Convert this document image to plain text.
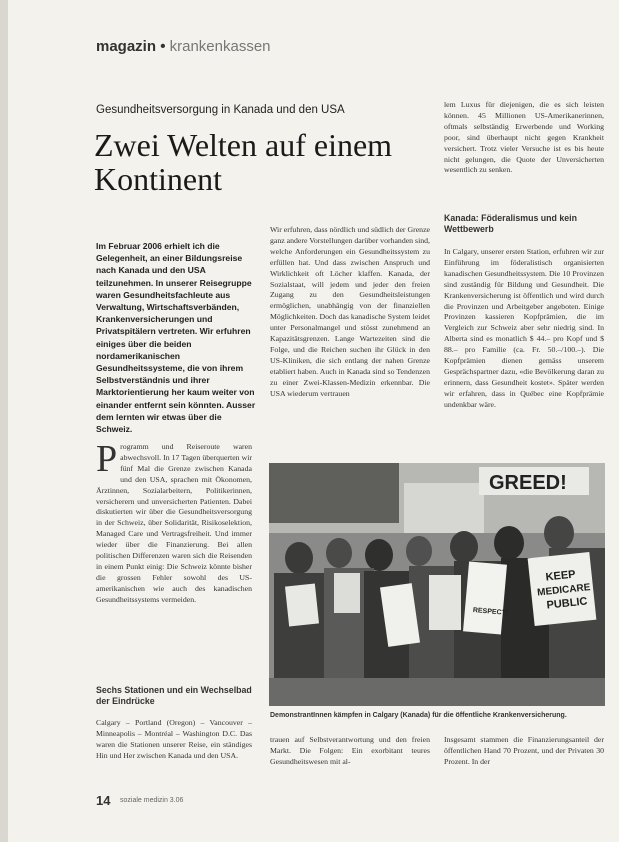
magazin • krankenkassen
Gesundheitsversorgung in Kanada und den USA
Zwei Welten auf einem Kontinent
Im Februar 2006 erhielt ich die Gelegenheit, an einer Bildungsreise nach Kanada und den USA teilzunehmen. In unserer Reisegruppe waren Gesundheitsfachleute aus Verwaltung, Wirtschaftsverbänden, Krankenversicherungen und Privatspitälern vertreten. Wir erfuhren einiges über die beiden nordamerikanischen Gesundheitssysteme, die von ihrem Selbstverständnis und ihrer Marktorientierung her kaum weiter von einander entfernt sein könnten. Ausser dem lernten wir etwas über die Schweiz.
Programm und Reiseroute waren abwechsvoll. In 17 Tagen überquerten wir fünf Mal die Grenze zwischen Kanada und den USA, sprachen mit Ökonomen, Ärztinnen, Sozialarbeitern, Politikerinnen, versicherern und unversicherten Patienten. Dabei diskutierten wir über die Gesundheitsversorgung in der Schweiz, über Solidarität, Risikoselektion, Managed Care und Vertragsfreiheit. Und immer wieder über die Finanzierung. Bei allen politischen Differenzen waren sich die Reisenden in einem Punkt einig: Die Schweiz könnte bisher die grossen Fehler sowohl des US-amerikanischen wie auch des kanadischen Gesundheitssystems vermeiden.
Sechs Stationen und ein Wechselbad der Eindrücke
Calgary – Portland (Oregon) – Vancouver – Minneapolis – Montréal – Washington D.C. Das waren die Stationen unserer Reise, ein ständiges Hin und Her zwischen Kanada und den USA.
Wir erfuhren, dass nördlich und südlich der Grenze ganz andere Vorstellungen darüber vorhanden sind, welche Anforderungen ein Gesundheitssystem zu erfüllen hat. Und dass zwischen Anspruch und Wirklichkeit oft Löcher klaffen. Kanada, der Sozialstaat, will jedem und jeder den freien Zugang zu den Gesundheitsleistungen ermöglichen, unabhängig von der finanziellen Möglichkeiten. Doch das kanadische System leidet unter Personalmangel und stösst zunehmend an Kapazitätsgrenzen. Lange Wartezeiten sind die Folge, und die Reichen suchen ihr Glück in den US-Kliniken, die sich entlang der nahen Grenze etabliert haben. Auch in Kanada sind so Tendenzen zu einer Zwei-Klassen-Medizin erkennbar. Die USA wiederum vertrauen
lem Luxus für diejenigen, die es sich leisten können. 45 Millionen US-Amerikanerinnen, oftmals selbständig Erwerbende und Working poor, sind überhaupt nicht gegen Krankheit versichert. Trotz vieler Versuche ist es bis heute nicht gelungen, die Quote der Unversicherten wesentlich zu senken.
Kanada: Föderalismus und kein Wettbewerb
In Calgary, unserer ersten Station, erfuhren wir zur Einführung im föderalistisch organisierten kanadischen Gesundheitssystem. Die 10 Provinzen sind zuständig für Bildung und Gesundheit. Die Krankenversicherung ist öffentlich und wird durch die Provinzen und Arbeitgeber angeboten. Einige Provinzen kassieren Kopfprämien, die im Vergleich zur Schweiz aber sehr niedrig sind. In Alberta sind es monatlich $ 44.– pro Kopf und $ 88.– pro Familie (ca. Fr. 50.–/100.–). Die Kopfprämien dienen gemäss unserem Gesprächspartner dazu, «die Bevölkerung daran zu erinnern, dass Gesundheit kostet». Später werden wir erfahren, dass in Québec eine Kopfprämie undenkbar wäre.
GREED!
RESPECT!
KEEP
MEDICARE
PUBLIC
DemonstrantInnen kämpfen in Calgary (Kanada) für die öffentliche Krankenversicherung.
trauen auf Selbstverantwortung und den freien Markt. Die Folgen: Ein exorbitant teures Gesundheitswesen mit al-
Insgesamt stammen die Finanzierungsanteil der öffentlichen Hand 70 Prozent, und der Privaten 30 Prozent. In der
14 soziale medizin 3.06
